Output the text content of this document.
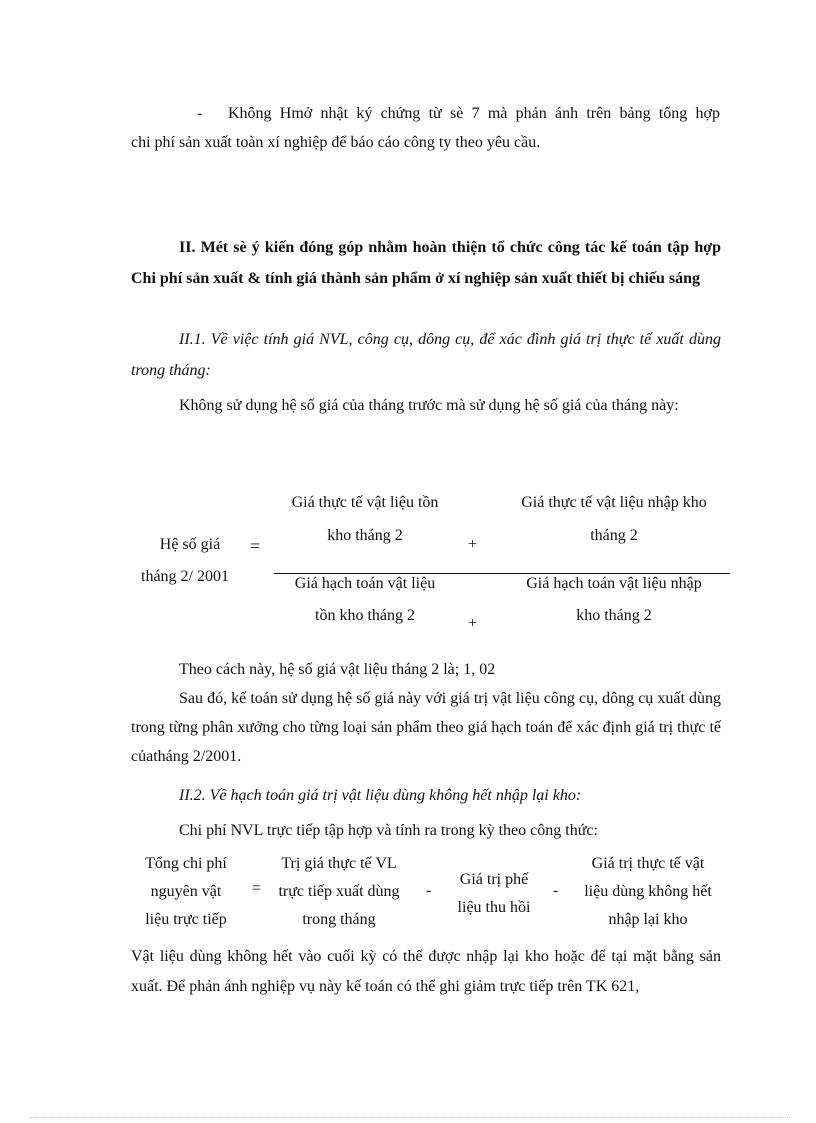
- Không Hmở nhật ký chứng từ sè 7 mà phản ánh trên bảng tổng hợp
chi phí sản xuất toàn xí nghiệp để báo cáo công ty theo yêu cầu.
II. Mét sè ý kiến đóng góp nhằm hoàn thiện tổ chức công tác kế toán tập hợp Chi phí sản xuất & tính giá thành sản phẩm ở xí nghiệp sản xuất thiết bị chiếu sáng
II.1. Về việc tính giá NVL, công cụ, dông cụ, để xác đình giá trị thực tế xuất dùng trong tháng:
Không sử dụng hệ số giá của tháng trước mà sử dụng hệ số giá của tháng này:
Hệ số giá
tháng 2/ 2001
=
Giá thực tế vật liệu tồn
kho tháng 2
+
Giá thực tế vật liệu nhập kho
tháng 2
Giá hạch toán vật liệu
tồn kho tháng 2	+
Giá hạch toán vật liệu nhập
kho tháng 2
Theo cách này, hệ số giá vật liệu tháng 2 là; 1, 02
Sau đó, kế toán sử dụng hệ số giá này với giá trị vật liệu công cụ, dông cụ xuất dùng trong từng phân xưởng cho từng loại sản phẩm theo giá hạch toán để xác định giá trị thực tế củatháng 2/2001.
II.2. Về hạch toán giá trị vật liệu dùng không hết nhập lại kho:
Chi phí NVL trực tiếp tập hợp và tính ra trong kỳ theo công thức:
Tổng chi phí
nguyên vật
liệu trực tiếp
=
Trị giá thực tế VL
trực tiếp xuất dùng
trong tháng
-
Giá trị phế
liệu thu hồi
-
Giá trị thực tế vật
liệu dùng không hết
nhập lại kho
Vật liệu dùng không hết vào cuối kỳ có thể được nhập lại kho hoặc để tại mặt bằng sản xuất. Để phản ánh nghiệp vụ này kế toán có thể ghi giảm trực tiếp trên TK 621,
